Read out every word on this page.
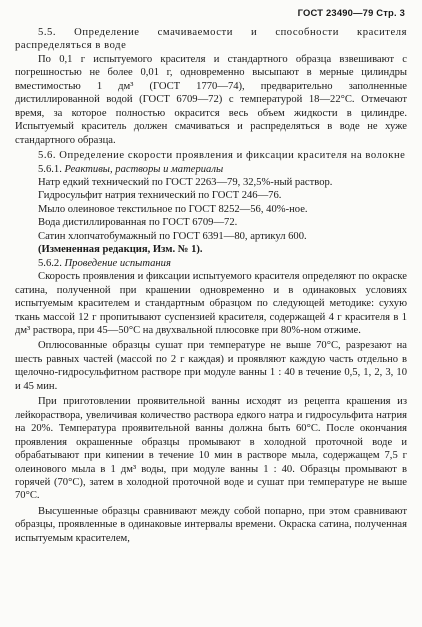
ГОСТ 23490—79 Стр. 3

5.5. Определение смачиваемости и способности красителя распределяться в воде

По 0,1 г испытуемого красителя и стандартного образца взвешивают с погрешностью не более 0,01 г, одновременно высыпают в мерные цилиндры вместимостью 1 дм³ (ГОСТ 1770—74), предварительно заполненные дистиллированной водой (ГОСТ 6709—72) с температурой 18—22°С. Отмечают время, за которое полностью окрасится весь объем жидкости в цилиндре. Испытуемый краситель должен смачиваться и распределяться в воде не хуже стандартного образца.

5.6. Определение скорости проявления и фиксации красителя на волокне

5.6.1. Реактивы, растворы и материалы

Натр едкий технический по ГОСТ 2263—79, 32,5%-ный раствор.

Гидросульфит натрия технический по ГОСТ 246—76.

Мыло олеиновое текстильное по ГОСТ 8252—56, 40%-ное.

Вода дистиллированная по ГОСТ 6709—72.

Сатин хлопчатобумажный по ГОСТ 6391—80, артикул 600.

(Измененная редакция, Изм. № 1).

5.6.2. Проведение испытания

Скорость проявления и фиксации испытуемого красителя определяют по окраске сатина, полученной при крашении одновременно и в одинаковых условиях испытуемым красителем и стандартным образцом по следующей методике: сухую ткань массой 12 г пропитывают суспензией красителя, содержащей 4 г красителя в 1 дм³ раствора, при 45—50°С на двухвальной плюсовке при 80%-ном отжиме.

Оплюсованные образцы сушат при температуре не выше 70°С, разрезают на шесть равных частей (массой по 2 г каждая) и проявляют каждую часть отдельно в щелочно-гидросульфитном растворе при модуле ванны 1 : 40 в течение 0,5, 1, 2, 3, 10 и 45 мин.

При приготовлении проявительной ванны исходят из рецепта крашения из лейкораствора, увеличивая количество раствора едкого натра и гидросульфита натрия на 20%. Температура проявительной ванны должна быть 60°С. После окончания проявления окрашенные образцы промывают в холодной проточной воде и обрабатывают при кипении в течение 10 мин в растворе мыла, содержащем 7,5 г олеинового мыла в 1 дм³ воды, при модуле ванны 1 : 40. Образцы промывают в горячей (70°С), затем в холодной проточной воде и сушат при температуре не выше 70°С.

Высушенные образцы сравнивают между собой попарно, при этом сравнивают образцы, проявленные в одинаковые интервалы времени. Окраска сатина, полученная испытуемым красителем,
